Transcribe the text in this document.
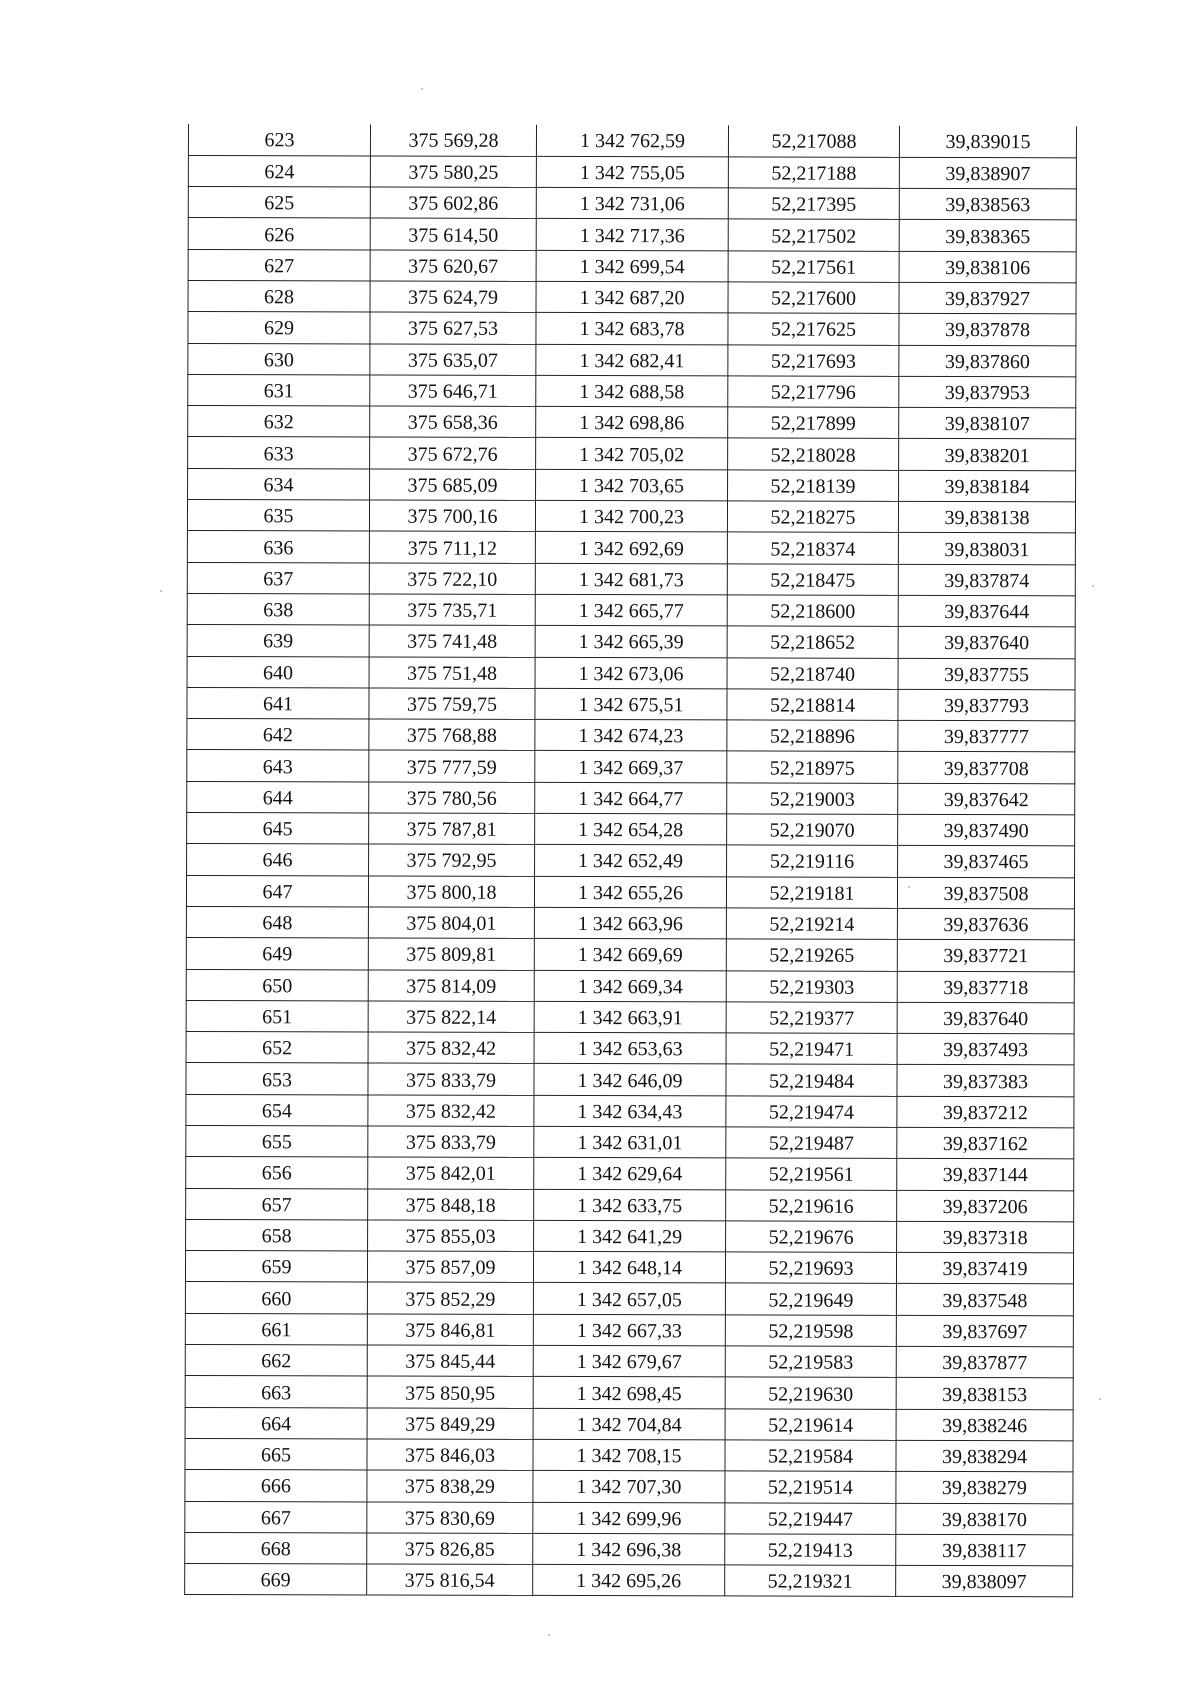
623	375 569,28	1 342 762,59	52,217088	39,839015
624	375 580,25	1 342 755,05	52,217188	39,838907
625	375 602,86	1 342 731,06	52,217395	39,838563
626	375 614,50	1 342 717,36	52,217502	39,838365
627	375 620,67	1 342 699,54	52,217561	39,838106
628	375 624,79	1 342 687,20	52,217600	39,837927
629	375 627,53	1 342 683,78	52,217625	39,837878
630	375 635,07	1 342 682,41	52,217693	39,837860
631	375 646,71	1 342 688,58	52,217796	39,837953
632	375 658,36	1 342 698,86	52,217899	39,838107
633	375 672,76	1 342 705,02	52,218028	39,838201
634	375 685,09	1 342 703,65	52,218139	39,838184
635	375 700,16	1 342 700,23	52,218275	39,838138
636	375 711,12	1 342 692,69	52,218374	39,838031
637	375 722,10	1 342 681,73	52,218475	39,837874
638	375 735,71	1 342 665,77	52,218600	39,837644
639	375 741,48	1 342 665,39	52,218652	39,837640
640	375 751,48	1 342 673,06	52,218740	39,837755
641	375 759,75	1 342 675,51	52,218814	39,837793
642	375 768,88	1 342 674,23	52,218896	39,837777
643	375 777,59	1 342 669,37	52,218975	39,837708
644	375 780,56	1 342 664,77	52,219003	39,837642
645	375 787,81	1 342 654,28	52,219070	39,837490
646	375 792,95	1 342 652,49	52,219116	39,837465
647	375 800,18	1 342 655,26	52,219181	39,837508
648	375 804,01	1 342 663,96	52,219214	39,837636
649	375 809,81	1 342 669,69	52,219265	39,837721
650	375 814,09	1 342 669,34	52,219303	39,837718
651	375 822,14	1 342 663,91	52,219377	39,837640
652	375 832,42	1 342 653,63	52,219471	39,837493
653	375 833,79	1 342 646,09	52,219484	39,837383
654	375 832,42	1 342 634,43	52,219474	39,837212
655	375 833,79	1 342 631,01	52,219487	39,837162
656	375 842,01	1 342 629,64	52,219561	39,837144
657	375 848,18	1 342 633,75	52,219616	39,837206
658	375 855,03	1 342 641,29	52,219676	39,837318
659	375 857,09	1 342 648,14	52,219693	39,837419
660	375 852,29	1 342 657,05	52,219649	39,837548
661	375 846,81	1 342 667,33	52,219598	39,837697
662	375 845,44	1 342 679,67	52,219583	39,837877
663	375 850,95	1 342 698,45	52,219630	39,838153
664	375 849,29	1 342 704,84	52,219614	39,838246
665	375 846,03	1 342 708,15	52,219584	39,838294
666	375 838,29	1 342 707,30	52,219514	39,838279
667	375 830,69	1 342 699,96	52,219447	39,838170
668	375 826,85	1 342 696,38	52,219413	39,838117
669	375 816,54	1 342 695,26	52,219321	39,838097
